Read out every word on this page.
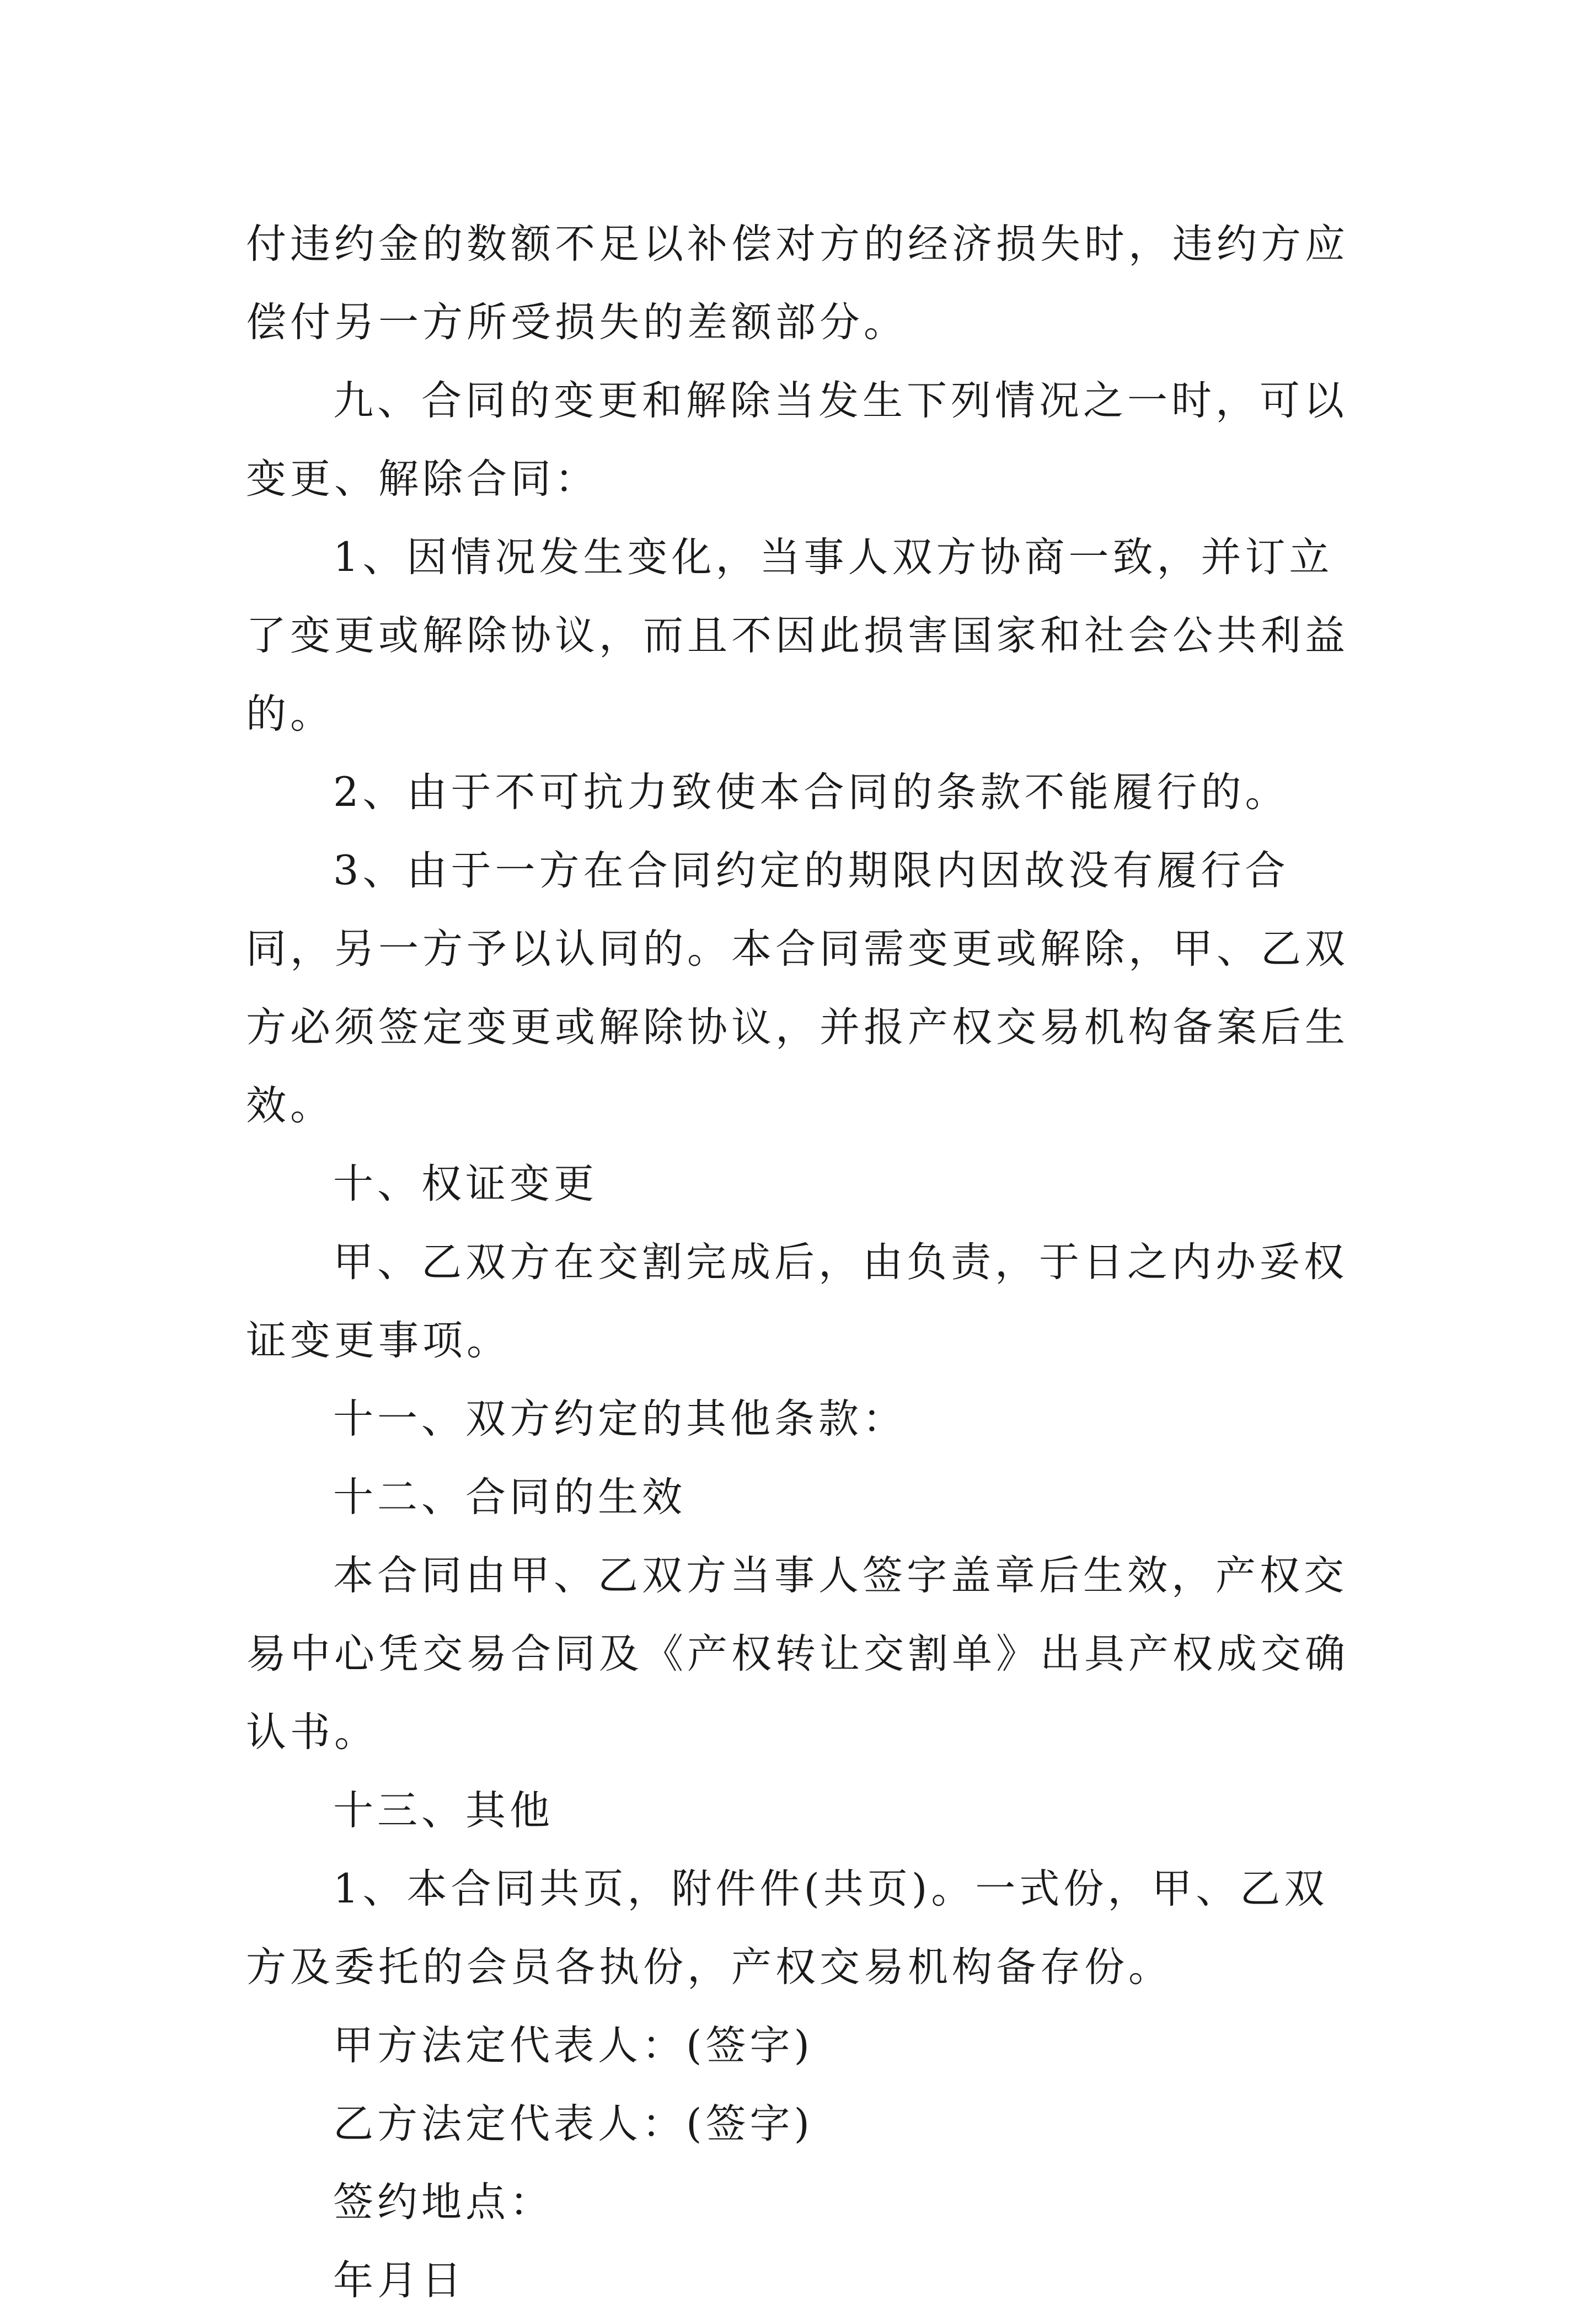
付违约金的数额不足以补偿对方的经济损失时，违约方应偿付另一方所受损失的差额部分。

九、合同的变更和解除当发生下列情况之一时，可以变更、解除合同：

1、因情况发生变化，当事人双方协商一致，并订立了变更或解除协议，而且不因此损害国家和社会公共利益的。

2、由于不可抗力致使本合同的条款不能履行的。

3、由于一方在合同约定的期限内因故没有履行合同，另一方予以认同的。本合同需变更或解除，甲、乙双方必须签定变更或解除协议，并报产权交易机构备案后生效。

十、权证变更

甲、乙双方在交割完成后，由负责，于日之内办妥权证变更事项。

十一、双方约定的其他条款：

十二、合同的生效

本合同由甲、乙双方当事人签字盖章后生效，产权交易中心凭交易合同及《产权转让交割单》出具产权成交确认书。

十三、其他

1、本合同共页，附件件(共页)。一式份，甲、乙双方及委托的会员各执份，产权交易机构备存份。

甲方法定代表人：(签字)

乙方法定代表人：(签字)

签约地点：

年月日
